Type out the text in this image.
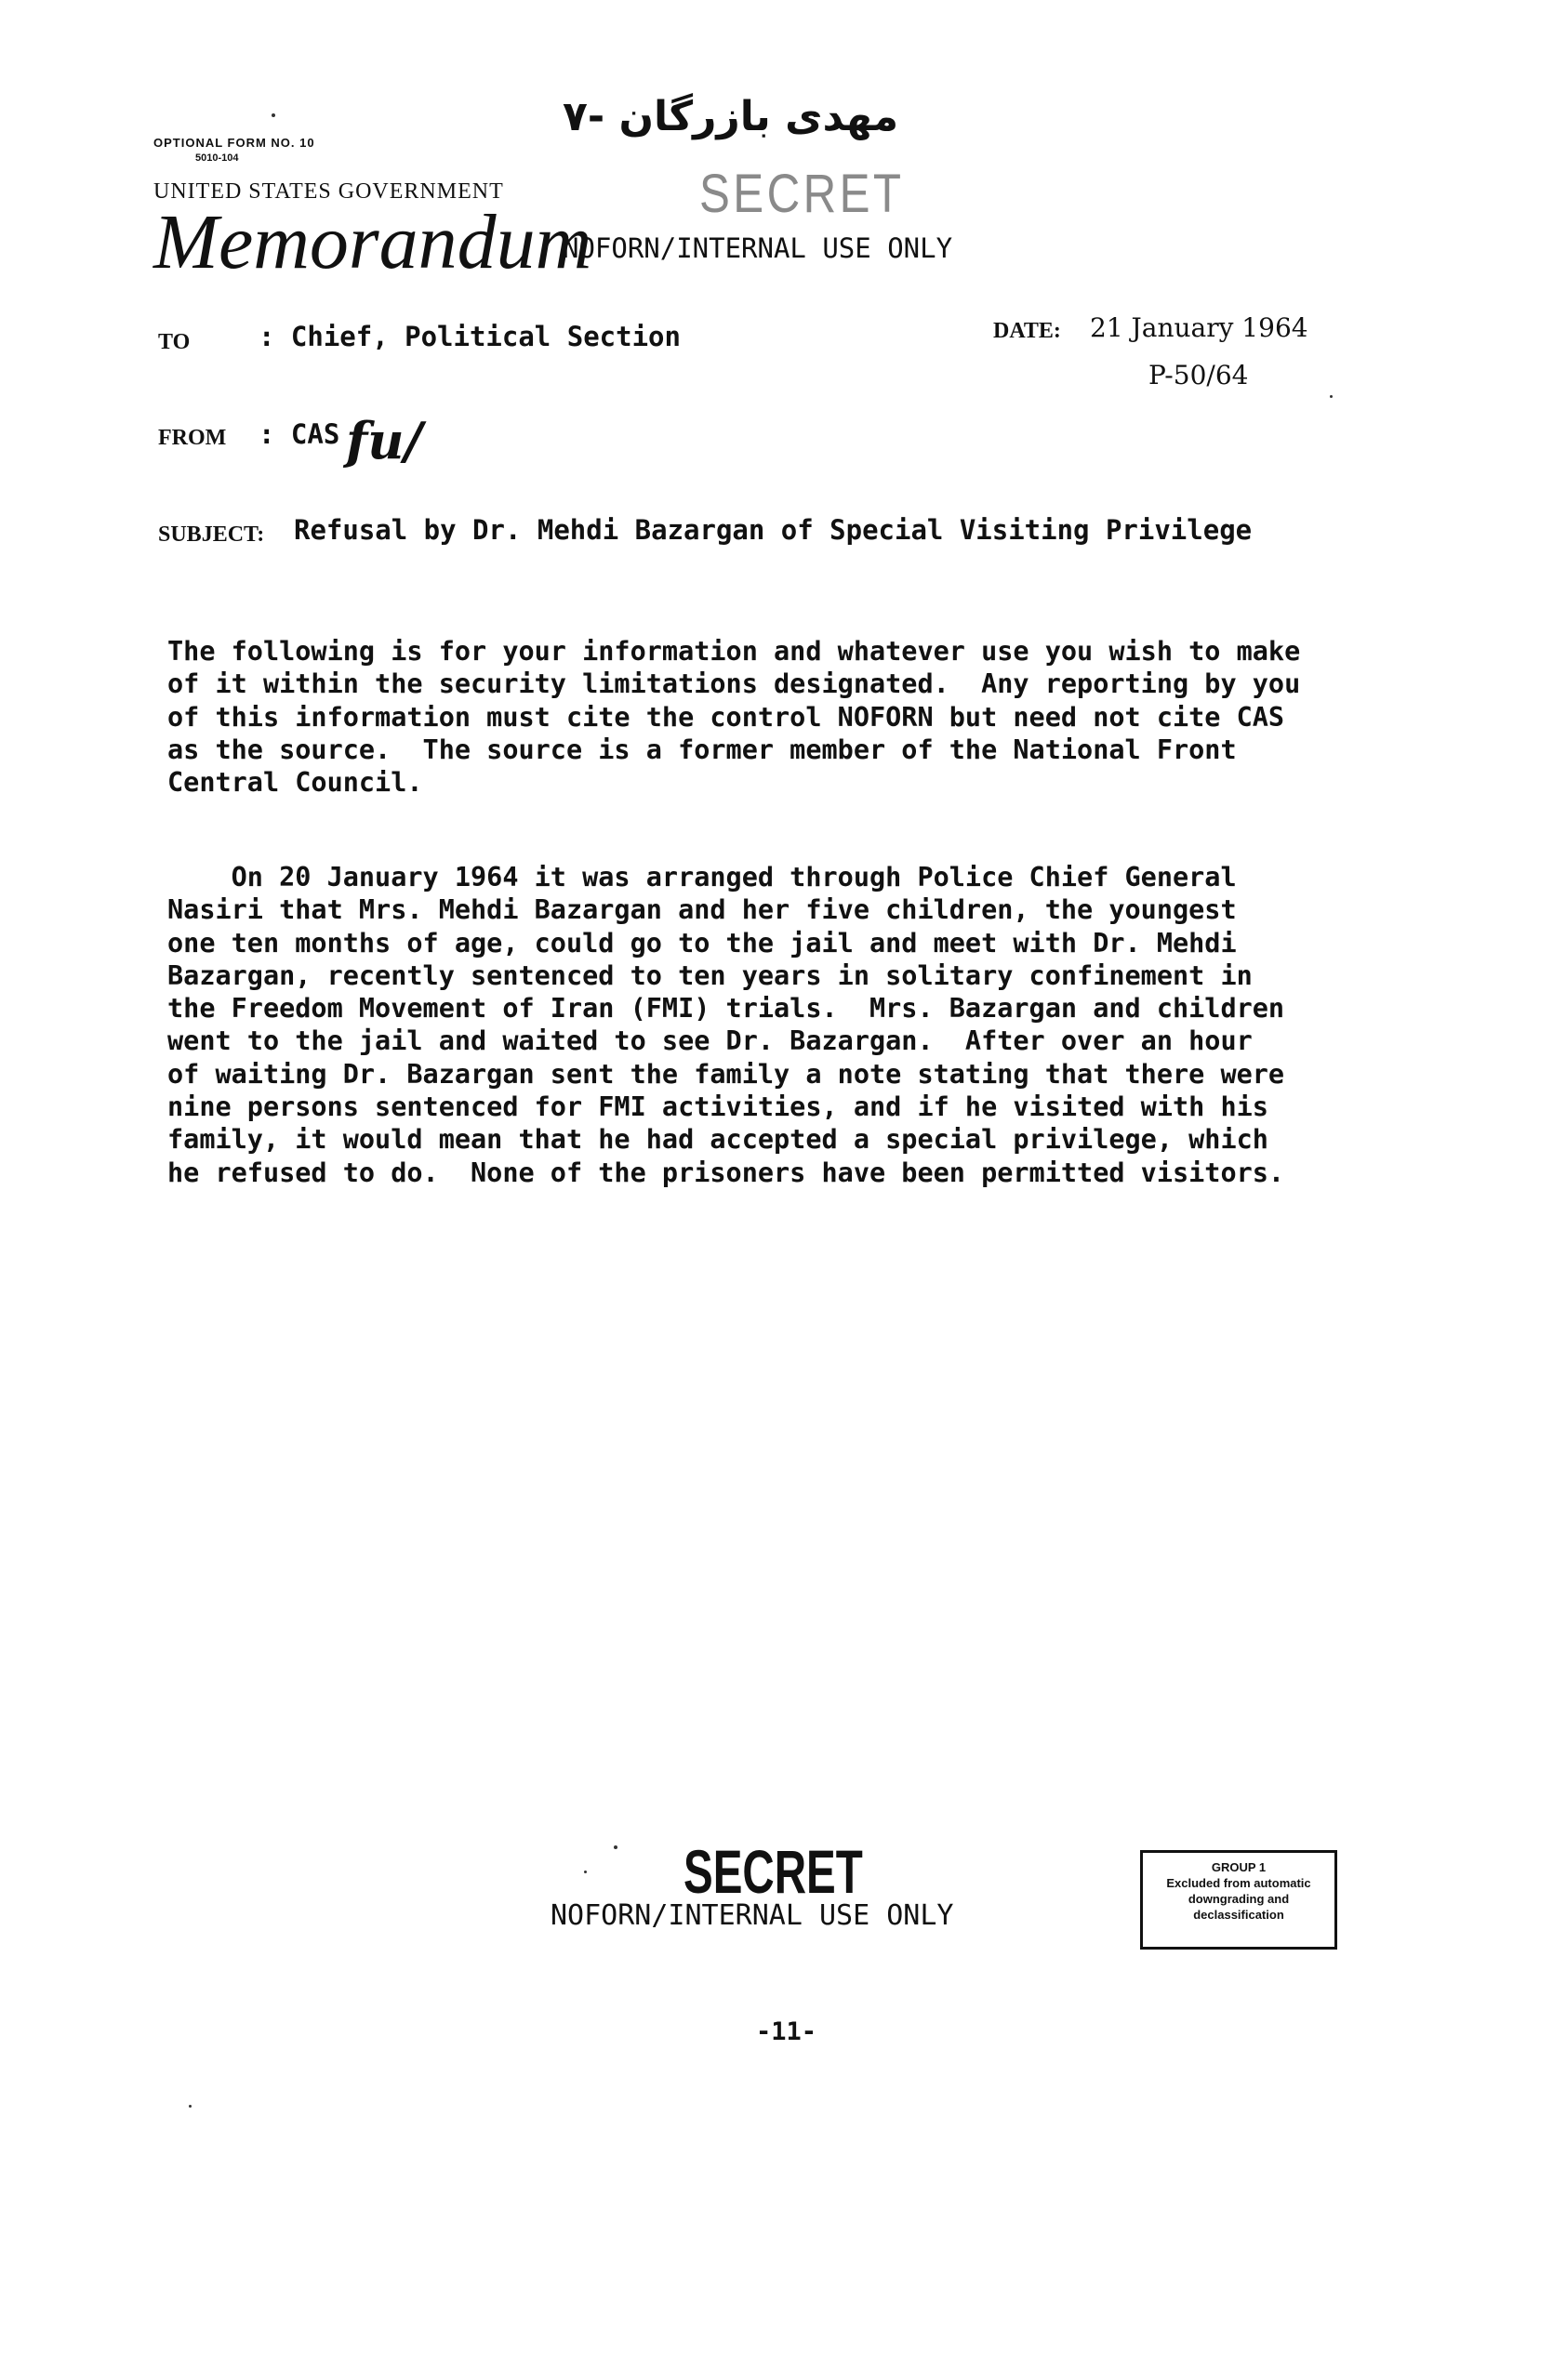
مهدی بازرگان -۷
OPTIONAL FORM NO. 10
5010-104
UNITED STATES GOVERNMENT	SECRET
Memorandum
NOFORN/INTERNAL USE ONLY
TO	: Chief, Political Section	DATE: 21 January 1964
P-50/64
FROM : CAS fu/
SUBJECT: Refusal by Dr. Mehdi Bazargan of Special Visiting Privilege
The following is for your information and whatever use you wish to make
of it within the security limitations designated.  Any reporting by you
of this information must cite the control NOFORN but need not cite CAS
as the source.  The source is a former member of the National Front
Central Council.
On 20 January 1964 it was arranged through Police Chief General
Nasiri that Mrs. Mehdi Bazargan and her five children, the youngest
one ten months of age, could go to the jail and meet with Dr. Mehdi
Bazargan, recently sentenced to ten years in solitary confinement in
the Freedom Movement of Iran (FMI) trials.  Mrs. Bazargan and children
went to the jail and waited to see Dr. Bazargan.  After over an hour
of waiting Dr. Bazargan sent the family a note stating that there were
nine persons sentenced for FMI activities, and if he visited with his
family, it would mean that he had accepted a special privilege, which
he refused to do.  None of the prisoners have been permitted visitors.
SECRET
NOFORN/INTERNAL USE ONLY
GROUP 1
Excluded from automatic
downgrading and
declassification
-11-
